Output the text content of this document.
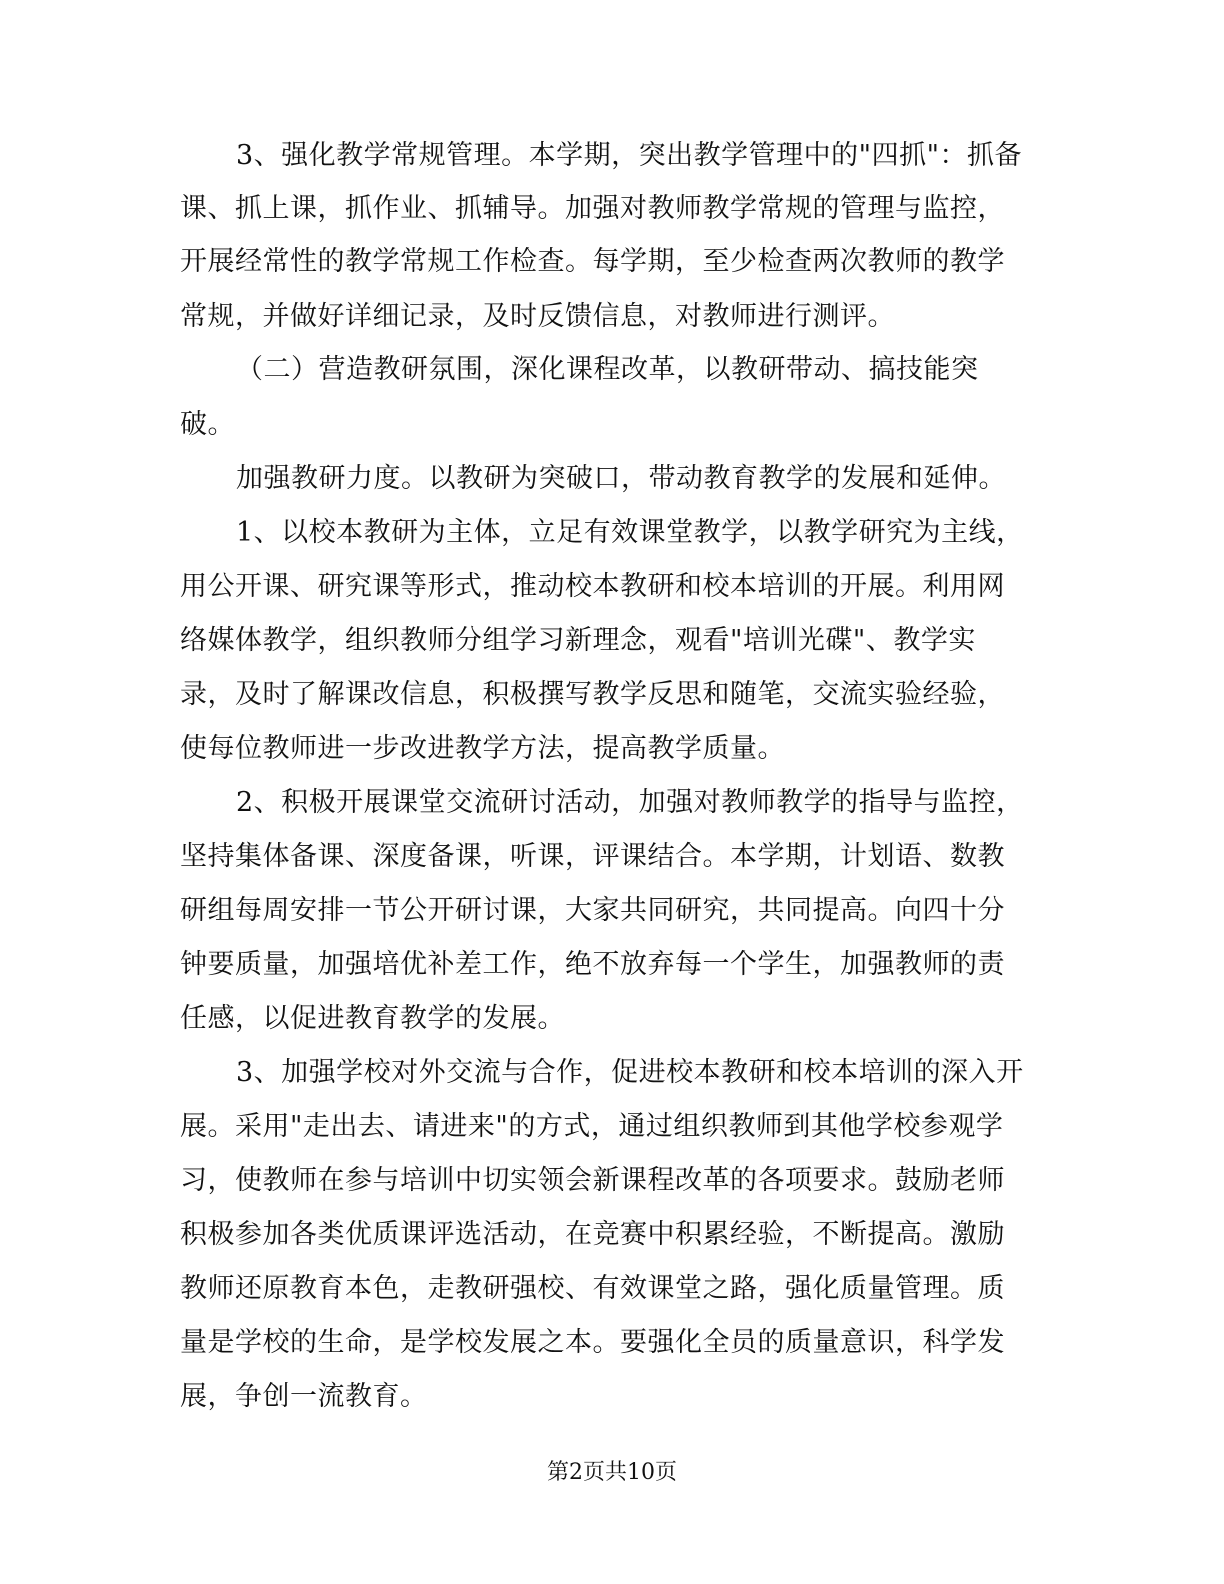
3、强化教学常规管理。本学期，突出教学管理中的"四抓"：抓备
课、抓上课，抓作业、抓辅导。加强对教师教学常规的管理与监控，
开展经常性的教学常规工作检查。每学期，至少检查两次教师的教学
常规，并做好详细记录，及时反馈信息，对教师进行测评。
（二）营造教研氛围，深化课程改革，以教研带动、搞技能突
破。
加强教研力度。以教研为突破口，带动教育教学的发展和延伸。
1、以校本教研为主体，立足有效课堂教学，以教学研究为主线，
用公开课、研究课等形式，推动校本教研和校本培训的开展。利用网
络媒体教学，组织教师分组学习新理念，观看"培训光碟"、教学实
录，及时了解课改信息，积极撰写教学反思和随笔，交流实验经验，
使每位教师进一步改进教学方法，提高教学质量。
2、积极开展课堂交流研讨活动，加强对教师教学的指导与监控，
坚持集体备课、深度备课，听课，评课结合。本学期，计划语、数教
研组每周安排一节公开研讨课，大家共同研究，共同提高。向四十分
钟要质量，加强培优补差工作，绝不放弃每一个学生，加强教师的责
任感，以促进教育教学的发展。
3、加强学校对外交流与合作，促进校本教研和校本培训的深入开
展。采用"走出去、请进来"的方式，通过组织教师到其他学校参观学
习，使教师在参与培训中切实领会新课程改革的各项要求。鼓励老师
积极参加各类优质课评选活动，在竞赛中积累经验，不断提高。激励
教师还原教育本色，走教研强校、有效课堂之路，强化质量管理。质
量是学校的生命，是学校发展之本。要强化全员的质量意识，科学发
展，争创一流教育。
第2页共10页
